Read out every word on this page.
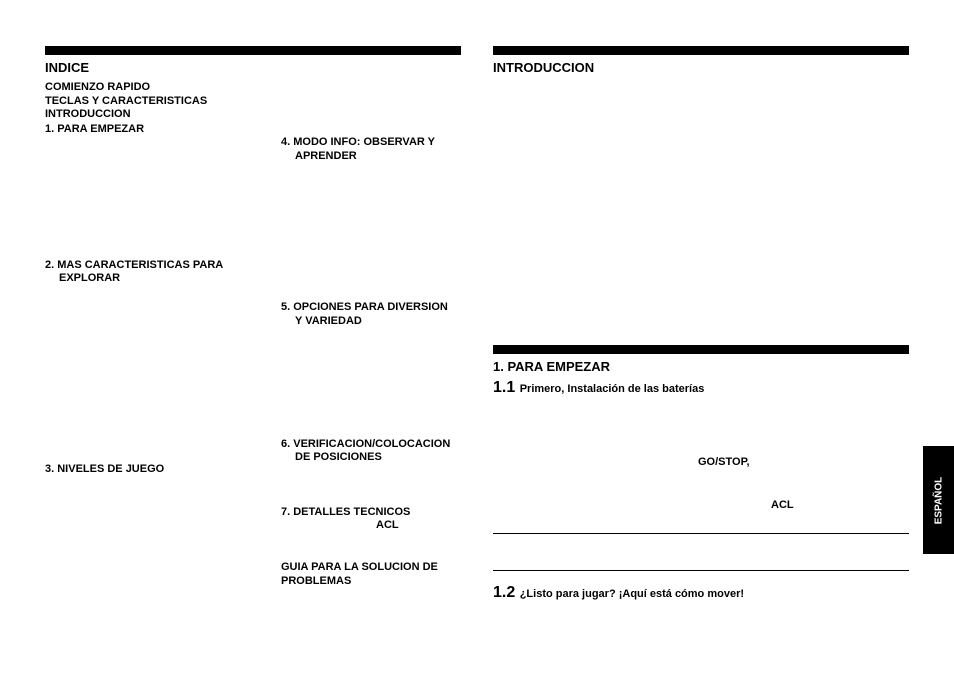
INDICE
COMIENZO RAPIDO
TECLAS Y CARACTERISTICAS
INTRODUCCION
1. PARA EMPEZAR
2. MAS CARACTERISTICAS PARA
EXPLORAR
3. NIVELES DE JUEGO
4. MODO INFO: OBSERVAR Y
APRENDER
5. OPCIONES PARA DIVERSION
Y VARIEDAD
6. VERIFICACION/COLOCACION
DE POSICIONES
7. DETALLES TECNICOS
ACL
GUIA PARA LA SOLUCION DE
PROBLEMAS
INTRODUCCION
1. PARA EMPEZAR
1.1 Primero, Instalación de las baterías
GO/STOP,
ACL
1.2 ¿Listo para jugar? ¡Aquí está cómo mover!
ESPAÑOL
